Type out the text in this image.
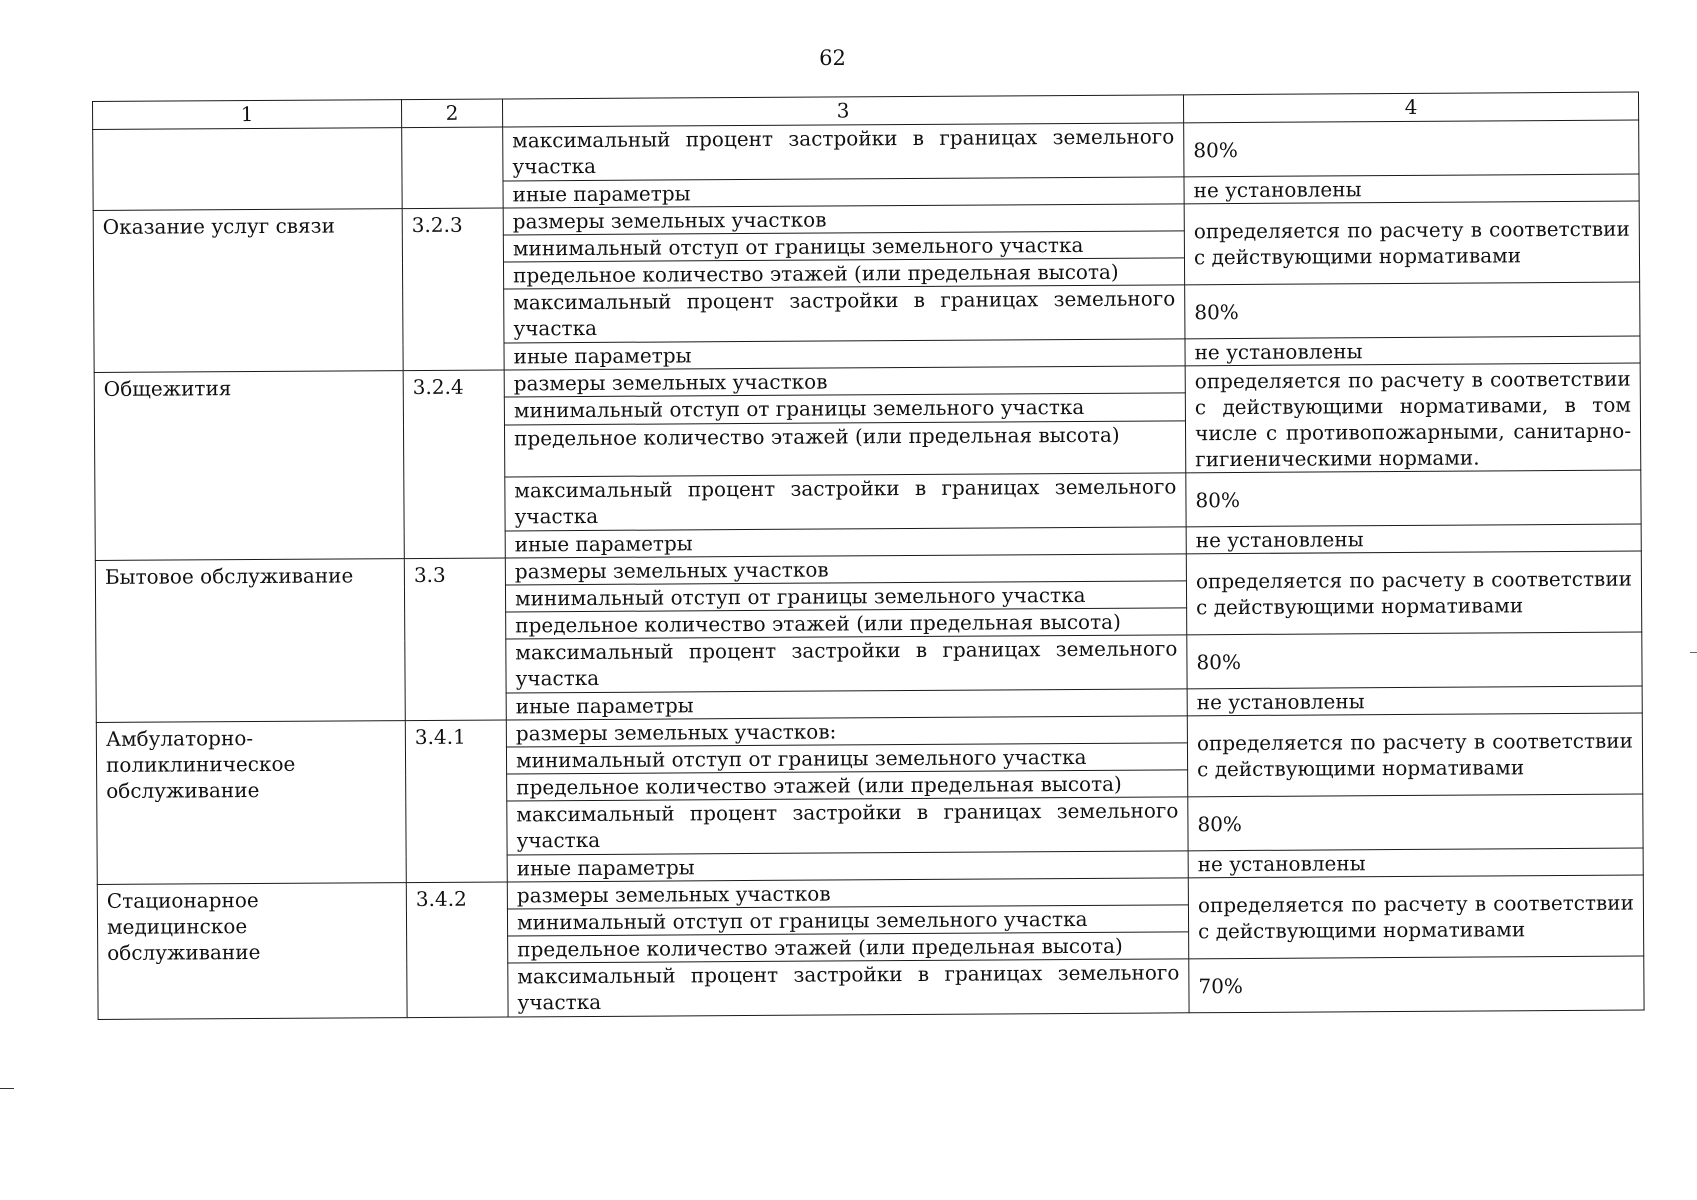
62
1	2	3	4
		максимальный процент застройки в границах земельного участка	80%
		иные параметры	не установлены
Оказание услуг связи	3.2.3	размеры земельных участков	определяется по расчету в соответствии с действующими нормативами
		минимальный отступ от границы земельного участка	
		предельное количество этажей (или предельная высота)	
		максимальный процент застройки в границах земельного участка	80%
		иные параметры	не установлены
Общежития	3.2.4	размеры земельных участков	определяется по расчету в соответствии с действующими нормативами, в том числе с противопожарными, санитарно-гигиеническими нормами.
		минимальный отступ от границы земельного участка	
		предельное количество этажей (или предельная высота)	
		максимальный процент застройки в границах земельного участка	80%
		иные параметры	не установлены
Бытовое обслуживание	3.3	размеры земельных участков	определяется по расчету в соответствии с действующими нормативами
		минимальный отступ от границы земельного участка	
		предельное количество этажей (или предельная высота)	
		максимальный процент застройки в границах земельного участка	80%
		иные параметры	не установлены
Амбулаторно-поликлиническое обслуживание	3.4.1	размеры земельных участков:	определяется по расчету в соответствии с действующими нормативами
		минимальный отступ от границы земельного участка	
		предельное количество этажей (или предельная высота)	
		максимальный процент застройки в границах земельного участка	80%
		иные параметры	не установлены
Стационарное медицинское обслуживание	3.4.2	размеры земельных участков	определяется по расчету в соответствии с действующими нормативами
		минимальный отступ от границы земельного участка	
		предельное количество этажей (или предельная высота)	
		максимальный процент застройки в границах земельного участка	70%
